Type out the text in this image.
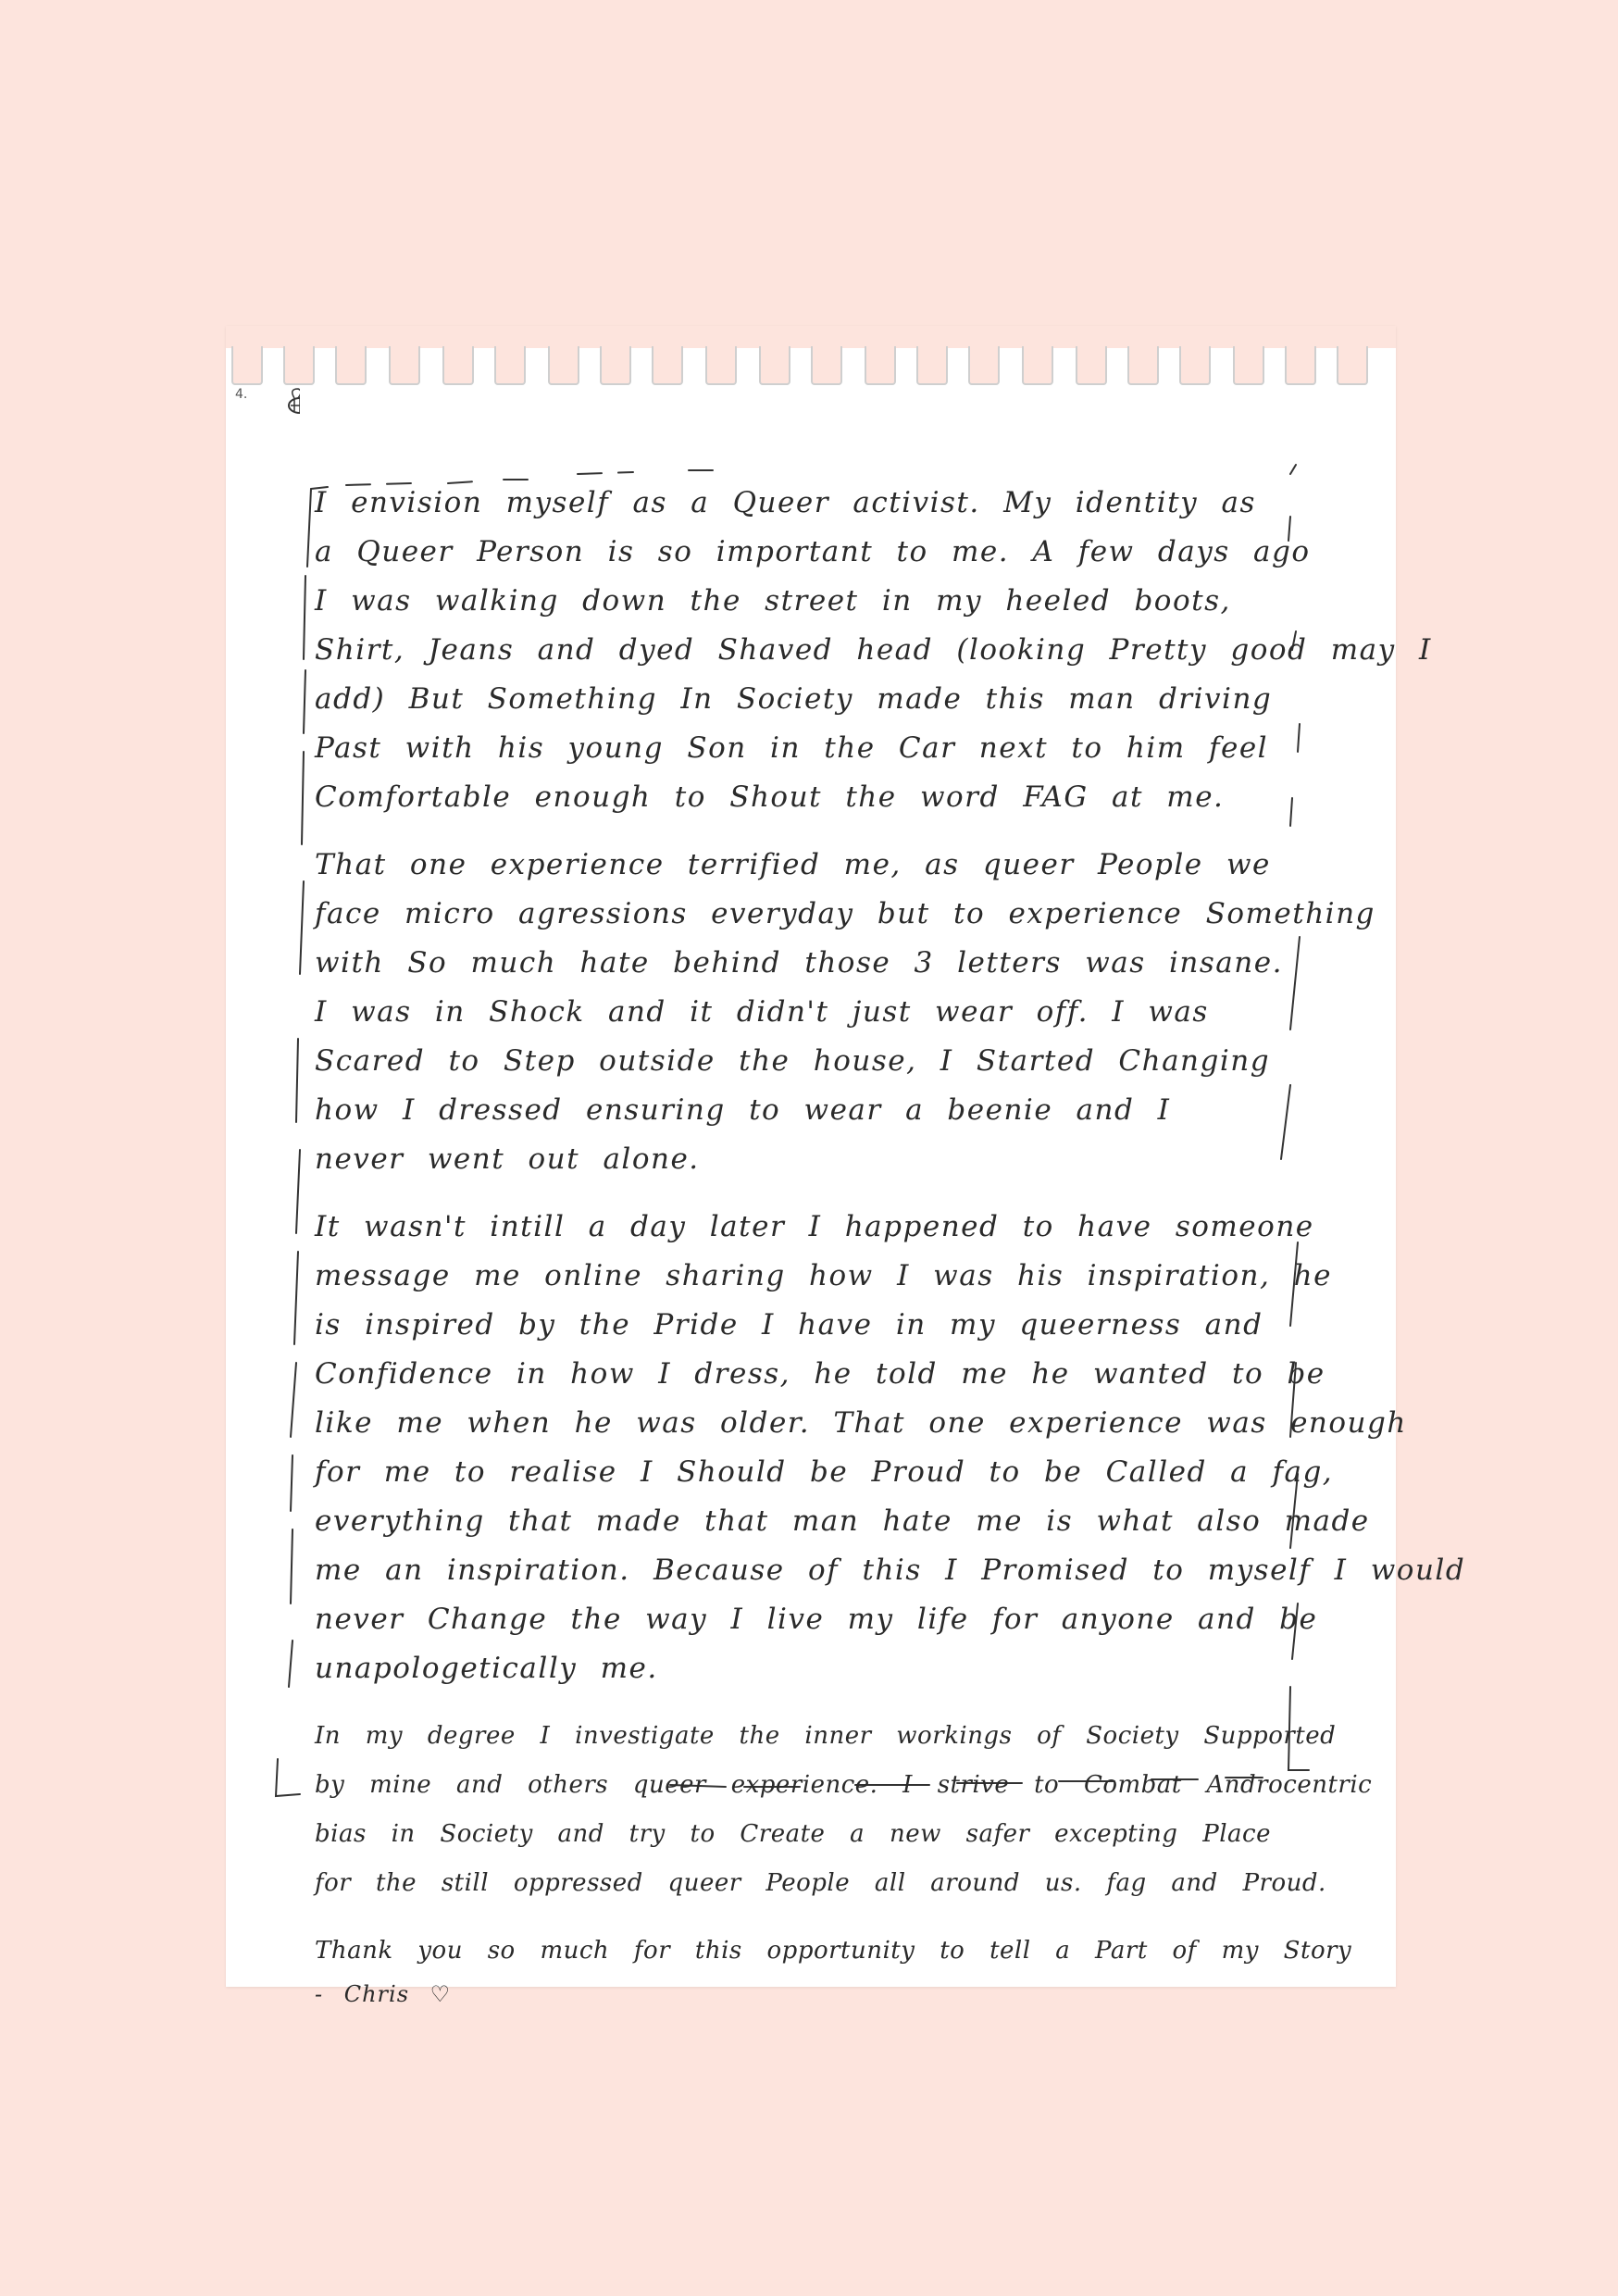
4.
I envision myself as a Queer activist. My identity as
a Queer Person is so important to me. A few days ago
I was walking down the street in my heeled boots,
Shirt, Jeans and dyed Shaved head (looking Pretty good may I
add) But Something In Society made this man driving
Past with his young Son in the Car next to him feel
Comfortable enough to Shout the word FAG at me.
That one experience terrified me, as queer People we
face micro agressions everyday but to experience Something
with So much hate behind those 3 letters was insane.
I was in Shock and it didn't just wear off. I was
Scared to Step outside the house, I Started Changing
how I dressed ensuring to wear a beenie and I
never went out alone.
It wasn't intill a day later I happened to have someone
message me online sharing how I was his inspiration, he
is inspired by the Pride I have in my queerness and
Confidence in how I dress, he told me he wanted to be
like me when he was older. That one experience was enough
for me to realise I Should be Proud to be Called a fag,
everything that made that man hate me is what also made
me an inspiration. Because of this I Promised to myself I would
never Change the way I live my life for anyone and be
unapologetically me.
In my degree I investigate the inner workings of Society Supported
by mine and others queer experience. I strive to Combat Androcentric
bias in Society and try to Create a new safer excepting Place
for the still oppressed queer People all around us. fag and Proud.
Thank you so much for this opportunity to tell a Part of my Story
- Chris ♡
